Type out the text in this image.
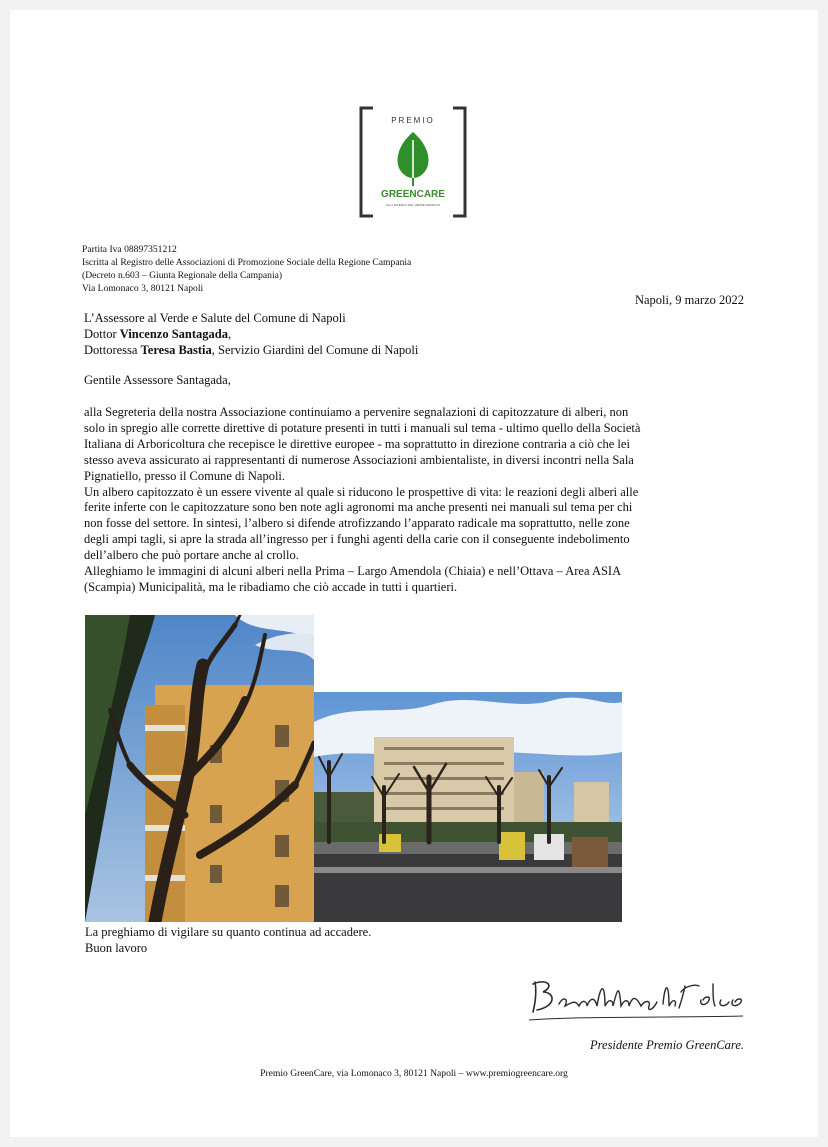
PREMIO
GREENCARE
ALLA RICERCA DEL VERDE PERDUTO
Partita Iva 08897351212
Iscritta al Registro delle Associazioni di Promozione Sociale della Regione Campania
(Decreto n.603 – Giunta Regionale della Campania)
Via Lomonaco 3, 80121 Napoli
Napoli, 9 marzo 2022
L’Assessore al Verde e Salute del Comune di Napoli
Dottor Vincenzo Santagada,
Dottoressa Teresa Bastia, Servizio Giardini del Comune di Napoli
Gentile Assessore Santagada,

alla Segreteria della nostra Associazione continuiamo a pervenire segnalazioni di capitozzature di alberi, non
solo in spregio alle corrette direttive di potature presenti in tutti i manuali sul tema - ultimo quello della Società
Italiana di Arboricoltura che recepisce le direttive europee - ma soprattutto in direzione contraria a ciò che lei
stesso aveva assicurato ai rappresentanti di numerose Associazioni ambientaliste, in diversi incontri nella Sala
Pignatiello, presso il Comune di Napoli.

Un albero capitozzato è un essere vivente al quale si riducono le prospettive di vita: le reazioni degli alberi alle
ferite inferte con le capitozzature sono ben note agli agronomi ma anche presenti nei manuali sul tema per chi
non fosse del settore. In sintesi, l’albero si difende atrofizzando l’apparato radicale ma soprattutto, nelle zone
degli ampi tagli, si apre la strada all’ingresso per i funghi agenti della carie con il conseguente indebolimento
dell’albero che può portare anche al crollo.

Alleghiamo le immagini di alcuni alberi nella Prima – Largo Amendola (Chiaia) e nell’Ottava – Area ASIA
(Scampia) Municipalità, ma le ribadiamo che ciò accade in tutti i quartieri.

La preghiamo di vigilare su quanto continua ad accadere.
Buon lavoro
Presidente Premio GreenCare.
Premio GreenCare, via Lomonaco 3, 80121 Napoli – www.premiogreencare.org
